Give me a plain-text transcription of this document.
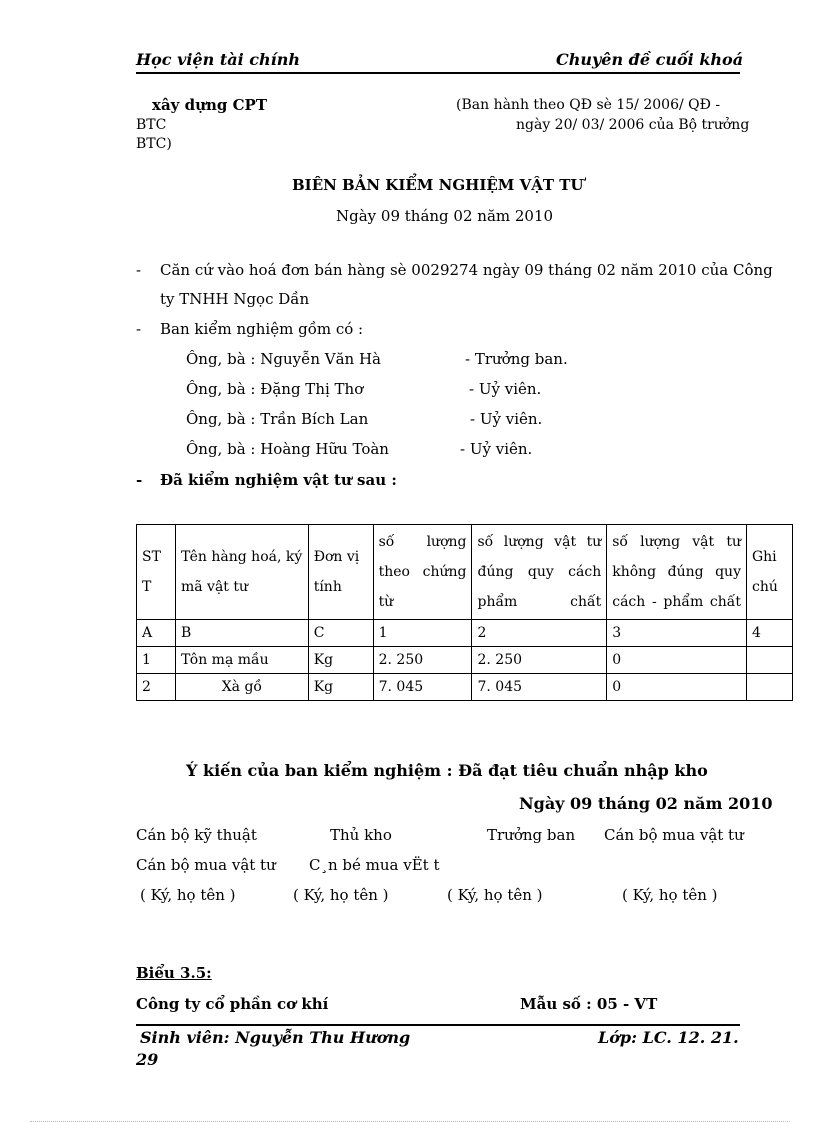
Học viện tài chính	Chuyên đề cuối khoá
xây dựng CPT
BTC
BTC)
(Ban hành theo QĐ sè 15/ 2006/ QĐ -
ngày 20/ 03/ 2006 của Bộ trưởng
BIÊN BẢN KIỂM NGHIỆM VẬT TƯ
Ngày 09 tháng 02 năm 2010
- Căn cứ vào hoá đơn bán hàng sè 0029274 ngày 09 tháng 02 năm 2010 của Công
ty TNHH Ngọc Dần
- Ban kiểm nghiệm gồm có :
Ông, bà : Nguyễn Văn Hà	- Trưởng ban.
Ông, bà : Đặng Thị Thơ	- Uỷ viên.
Ông, bà : Trần Bích Lan	- Uỷ viên.
Ông, bà : Hoàng Hữu Toàn	- Uỷ viên.
- Đã kiểm nghiệm vật tư sau :
ST T	Tên hàng hoá, ký mã vật tư	Đơn vị tính	số lượng theo chứng từ	số lượng vật tư đúng quy cách phẩm chất	số lượng vật tư không đúng quy cách - phẩm chất	Ghi chú
A	B	C	1	2	3	4
1	Tôn mạ mầu	Kg	2. 250	2. 250	0	
2	Xà gồ	Kg	7. 045	7. 045	0	
Ý kiến của ban kiểm nghiệm : Đã đạt tiêu chuẩn nhập kho
Ngày 09 tháng 02 năm 2010
Cán bộ kỹ thuật	Thủ kho	Trưởng ban Cán bộ mua vật tư
Cán bộ mua vật tư C¸n bé mua vËt t
( Ký, họ tên )	( Ký, họ tên )	( Ký, họ tên )	( Ký, họ tên )
Biểu 3.5:
Công ty cổ phần cơ khí	Mẫu số : 05 - VT
Sinh viên: Nguyễn Thu Hương	Lớp: LC. 12. 21.
29
